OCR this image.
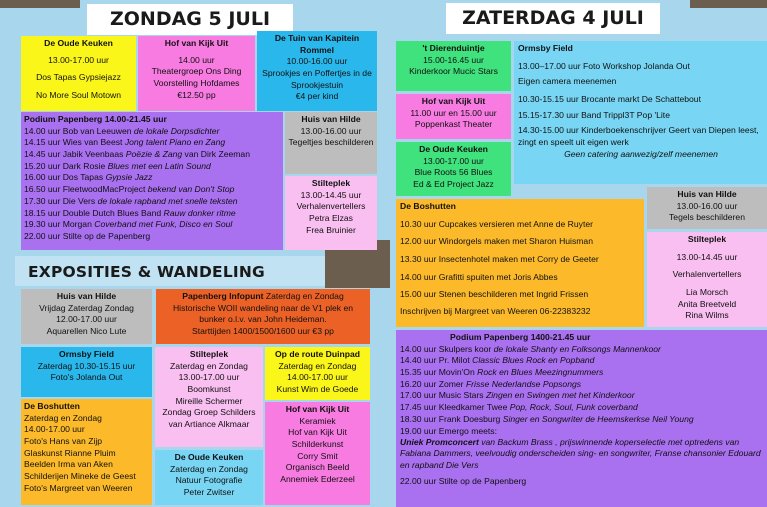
ZONDAG 5 JULI	ZATERDAG 4 JULI
EXPOSITIES & WANDELING
De Oude Keuken
13.00-17.00 uur
Dos Tapas Gypsiejazz
No More Soul Motown
Hof van Kijk Uit
14.00 uur
Theatergroep Ons Ding
Voorstelling Hofdames
€12.50 pp
De Tuin van Kapitein Rommel
10.00-16.00 uur
Sprookjes en Poffertjes in de Sprookjestuin
€4 per kind
Podium Papenberg 14.00-21.45 uur
14.00 uur Bob van Leeuwen de lokale Dorpsdichter
14.15 uur Wies van Beest Jong talent Piano en Zang
14.45 uur Jabik Veenbaas Poëzie & Zang van Dirk Zeeman
15.20 uur Dark Rosie Blues met een Latin Sound
16.00 uur Dos Tapas Gypsie Jazz
16.50 uur FleetwoodMacProject bekend van Don't Stop
17.30 uur Die Vers de lokale rapband met snelle teksten
18.15 uur Double Dutch Blues Band Rauw donker ritme
19.30 uur Morgan Coverband met Funk, Disco en Soul
22.00 uur Stilte op de Papenberg
Huis van Hilde
13.00-16.00 uur
Tegeltjes beschilderen
Stilteplek
13.00-14.45 uur
Verhalenvertellers
Petra Elzas
Frea Bruinier
Huis van Hilde
Vrijdag Zaterdag Zondag
12.00-17.00 uur
Aquarellen Nico Lute
Papenberg Infopunt Zaterdag en Zondag
Historische WOII wandeling naar de V1 plek en bunker o.l.v. van John Heideman.
Starttijden 1400/1500/1600 uur €3 pp
Ormsby Field
Zaterdag 10.30-15.15 uur
Foto's Jolanda Out
Stilteplek
Zaterdag en Zondag
13.00-17.00 uur
Boomkunst
Mireille Schermer
Zondag Groep Schilders van Artiance Alkmaar
Op de route Duinpad
Zaterdag en Zondag
14.00-17.00 uur
Kunst Wim de Goede
De Boshutten
Zaterdag en Zondag
14.00-17.00 uur
Foto's Hans van Zijp
Glaskunst Rianne Pluim
Beelden Irma van Aken
Schilderijen Mineke de Geest
Foto's Margreet van Weeren
De Oude Keuken
Zaterdag en Zondag
Natuur Fotografie
Peter Zwitser
Hof van Kijk Uit
Keramiek
Hof van Kijk Uit
Schilderkunst
Corry Smit
Organisch Beeld
Annemiek Ederzeel
't Dierenduintje
15.00-16.45 uur
Kinderkoor Mucic Stars
Ormsby Field
13.00–17.00 uur Foto Workshop Jolanda Out
Eigen camera meenemen
10.30-15.15 uur Brocante markt De Schattebout
15.15-17.30 uur Band Trippl3T Pop 'Lite
14.30-15.00 uur Kinderboekenschrijver Geert van Diepen leest, zingt en speelt uit eigen werk
Geen catering aanwezig/zelf meenemen
Hof van Kijk Uit
11.00 uur en 15.00 uur
Poppenkast Theater
De Oude Keuken
13.00-17.00 uur
Blue Roots 56 Blues
Ed & Ed Project Jazz
De Boshutten
10.30 uur Cupcakes versieren met Anne de Ruyter
12.00 uur Windorgels maken met Sharon Huisman
13.30 uur Insectenhotel maken met Corry de Geeter
14.00 uur Grafitti spuiten met Joris Abbes
15.00 uur Stenen beschilderen met Ingrid Frissen
Inschrijven bij Margreet van Weeren 06-22383232
Huis van Hilde
13.00-16.00 uur
Tegels beschilderen
Stilteplek
13.00-14.45 uur
Verhalenvertellers
Lia Morsch
Anita Breetveld
Rina Wilms
Podium Papenberg 1400-21.45 uur
14.00 uur Skulpers koor de lokale Shanty en Folksongs Mannenkoor
14.40 uur Pr. Milot Classic Blues Rock en Popband
15.35 uur Movin'On Rock en Blues Meezingnummers
16.20 uur Zomer Frisse Nederlandse Popsongs
17.00 uur Music Stars Zingen en Swingen met het Kinderkoor
17.45 uur Kleedkamer Twee Pop, Rock, Soul, Funk coverband
18.30 uur Frank Doesburg Singer en Songwriter de Heemskerkse Neil Young
19.00 uur Emergo meets:
Uniek Promconcert van Backum Brass , prijswinnende koperselectie met optredens van Fabiana Dammers, veelvoudig onderscheiden sing- en songwriter, Franse chansonier Edouard en rapband Die Vers
22.00 uur Stilte op de Papenberg
